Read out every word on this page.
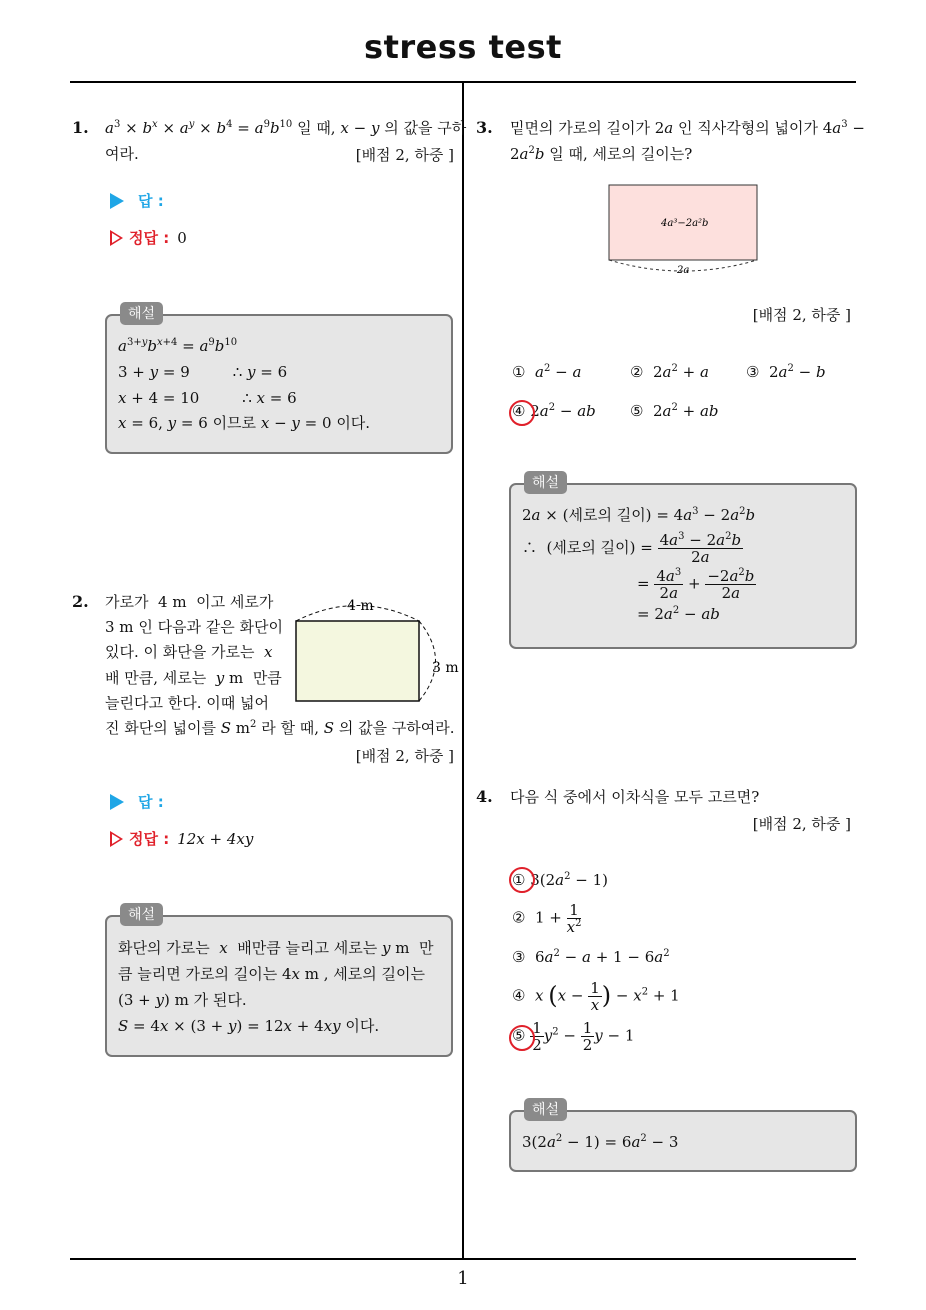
stress test
1
1. $a^3 \times b^x \times a^y \times b^4 = a^9b^{10}$ 일 때, x − y 의 값을 구하
여라.	[배점 2, 하중 ]
답 :
정답 : 0
해설
$a^{3+y}b^{x+4} = a^9b^{10}$
3 + y = 9         ∴ y = 6
x + 4 = 10         ∴ x = 6
x = 6, y = 6 이므로 x − y = 0 이다.
2. 가로가  4 m  이고 세로가
3 m 인 다음과 같은 화단이
있다. 이 화단을 가로는 x
배 만큼, 세로는 y m  만큼
늘린다고 한다. 이때 넓어
진 화단의 넓이를 S $m^2$ 라 할 때, S 의 값을 구하여라.
[배점 2, 하중 ]
4 m
3 m
답 :
정답 : 12x + 4xy
해설
화단의 가로는 x 배만큼 늘리고 세로는 y m  만
큼 늘리면 가로의 길이는 4x m , 세로의 길이는
(3 + y) m 가 된다.
S = 4x × (3 + y) = 12x + 4xy 이다.
3. 밑면의 가로의 길이가 2a 인 직사각형의 넓이가 $4a^3$ −
$2a^2b$ 일 때, 세로의 길이는?
4a³−2a²b
2a
[배점 2, 하중 ]
① $a^2 - a$	②  $2a^2 + a$ ③  $2a^2 - b$
④ $2a^2$ − ab ⑤  $2a^2$ + ab
해설
2a × (세로의 길이) = $4a^3 - 2a^2b$
∴  (세로의 길이) = $\frac{4a^3 - 2a^2b}{2a}$
= $\frac{4a^3}{2a} + \frac{-2a^2b}{2a}$
= $2a^2$ − ab
4. 다음 식 중에서 이차식을 모두 고르면?
[배점 2, 하중 ]
① $3(2a^2 - 1)$
②  $1 + \frac{1}{x^2}$
③  $6a^2 - a + 1 - 6a^2$
④ x ($x - \frac{1}{x}$ ) − $x^2 + 1$
⑤ $\frac{1}{2} y^2 - \frac{1}{2}$ y − 1
해설
$3(2a^2 - 1) = 6a^2 - 3$
